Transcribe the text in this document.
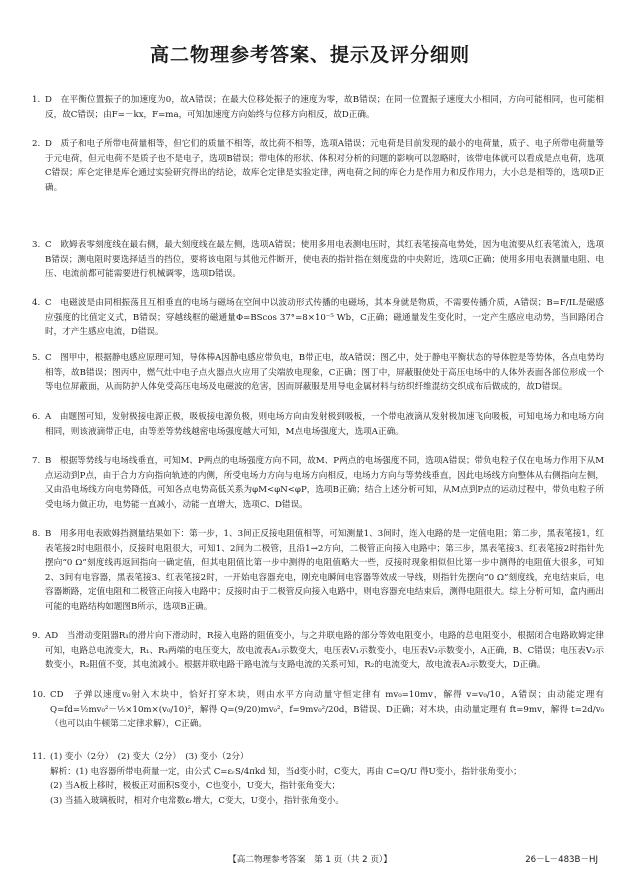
高二物理参考答案、提示及评分细则
1. D　在平衡位置振子的加速度为0，故A错误；在最大位移处振子的速度为零，故B错误；在同一位置振子速度大小相同，方向可能相同，也可能相反，故C错误；由F=－kx，F=ma，可知加速度方向始终与位移方向相反，故D正确。
2. D　质子和电子所带电荷量相等，但它们的质量不相等，故比荷不相等，选项A错误；元电荷是目前发现的最小的电荷量，质子、电子所带电荷量等于元电荷，但元电荷不是质子也不是电子，选项B错误；带电体的形状、体积对分析的问题的影响可以忽略时，该带电体就可以看成是点电荷，选项C错误；库仑定律是库仑通过实验研究得出的结论，故库仑定律是实验定律，两电荷之间的库仑力是作用力和反作用力，大小总是相等的，选项D正确。
3. C　欧姆表零刻度线在最右侧，最大刻度线在最左侧，选项A错误；使用多用电表测电压时，其红表笔接高电势处，因为电流要从红表笔流入，选项B错误；测电阻时要选择适当的挡位，要将该电阻与其他元件断开，使电表的指针指在刻度盘的中央附近，选项C正确；使用多用电表测量电阻、电压、电流前都可能需要进行机械调零，选项D错误。
4. C　电磁波是由同相振荡且互相垂直的电场与磁场在空间中以波动形式传播的电磁场，其本身就是物质，不需要传播介质，A错误；B=F/IL是磁感应强度的比值定义式，B错误；穿越线框的磁通量Φ=BScos 37°=8×10⁻⁵ Wb，C正确；磁通量发生变化时，一定产生感应电动势，当回路闭合时，才产生感应电流，D错误。
5. C　图甲中，根据静电感应原理可知，导体棒A因静电感应带负电，B带正电，故A错误；图乙中，处于静电平衡状态的导体腔是等势体，各点电势均相等，故B错误；图丙中，燃气灶中电子点火器点火应用了尖端放电现象，C正确；图丁中，屏蔽服使处于高压电场中的人体外表面各部位形成一个等电位屏蔽面，从而防护人体免受高压电场及电磁波的危害，因而屏蔽服是用导电金属材料与纺织纤维混纺交织成布后做成的，故D错误。
6. A　由题图可知，发射极接电源正极，吸板接电源负极，则电场方向由发射极到吸板，一个带电液滴从发射极加速飞向吸板，可知电场力和电场方向相同，则该液滴带正电，由等差等势线越密电场强度越大可知，M点电场强度大，选项A正确。
7. B　根据等势线与电场线垂直，可知M、P两点的电场强度方向不同，故M、P两点的电场强度不同，选项A错误；带负电粒子仅在电场力作用下从M点运动到P点，由于合力方向指向轨迹的内侧，所受电场力方向与电场方向相反，电场力方向与等势线垂直，因此电场线方向整体从右侧指向左侧，又由沿电场线方向电势降低，可知各点电势高低关系为φM<φN<φP，选项B正确；结合上述分析可知，从M点到P点的运动过程中，带负电粒子所受电场力做正功，电势能一直减小，动能一直增大，选项C、D错误。
8. B　用多用电表欧姆挡测量结果如下：第一步，1、3间正反接电阻值相等，可知测量1、3间时，连入电路的是一定值电阻；第二步，黑表笔接1，红表笔接2时电阻很小，反接时电阻很大，可知1、2间为二极管，且沿1→2方向，二极管正向接入电路中；第三步，黑表笔接3、红表笔接2时指针先摆向“0 Ω”刻度线再返回指向一确定值，但其电阻值比第一步中测得的电阻值略大一些，反接时现象相似但比第一步中测得的电阻值大很多，可知2、3间有电容器，黑表笔接3、红表笔接2时，一开始电容器充电，刚充电瞬间电容器等效成一导线，则指针先摆向“0 Ω”刻度线，充电结束后，电容器断路，定值电阻和二极管正向接入电路中；反接时由于二极管反向接入电路中，则电容器充电结束后，测得电阻很大。综上分析可知，盒内画出可能的电路结构如题图B所示，选项B正确。
9. AD　当滑动变阻器R₁的滑片向下滑动时，R接入电路的阻值变小，与之并联电路的部分等效电阻变小，电路的总电阻变小，根据闭合电路欧姆定律可知，电路总电流变大，R₁、R₃两端的电压变大，故电流表A₁示数变大，电压表V₁示数变小，电压表V₂示数变小，A正确，B、C错误；电压表V₂示数变小，R₂阻值不变，其电流减小。根据并联电路干路电流与支路电流的关系可知，R₂的电流变大，故电流表A₂示数变大，D正确。
10. CD　子弹以速度v₀射入木块中，恰好打穿木块，则由水平方向动量守恒定律有 mv₀=10mv，解得 v=v₀/10，A错误；由动能定理有 Q=fd=½mv₀²－½×10m×(v₀/10)²，解得 Q=(9/20)mv₀²，f=9mv₀²/20d，B错误、D正确；对木块，由动量定理有 ft=9mv，解得 t=2d/v₀（也可以由牛顿第二定律求解），C正确。
11. (1) 变小（2分）　(2) 变大（2分）　(3) 变小（2分）
解析：(1) 电容器所带电荷量一定，由公式 C=εᵣS/4πkd 知，当d变小时，C变大，再由 C=Q/U 得U变小，指针张角变小；
(2) 当A板上移时，极板正对面积S变小，C也变小，U变大，指针张角变大；
(3) 当插入玻璃板时，相对介电常数εᵣ增大，C变大，U变小，指针张角变小。
【高二物理参考答案　第 1 页（共 2 页）】	26－L－483B－HJ
